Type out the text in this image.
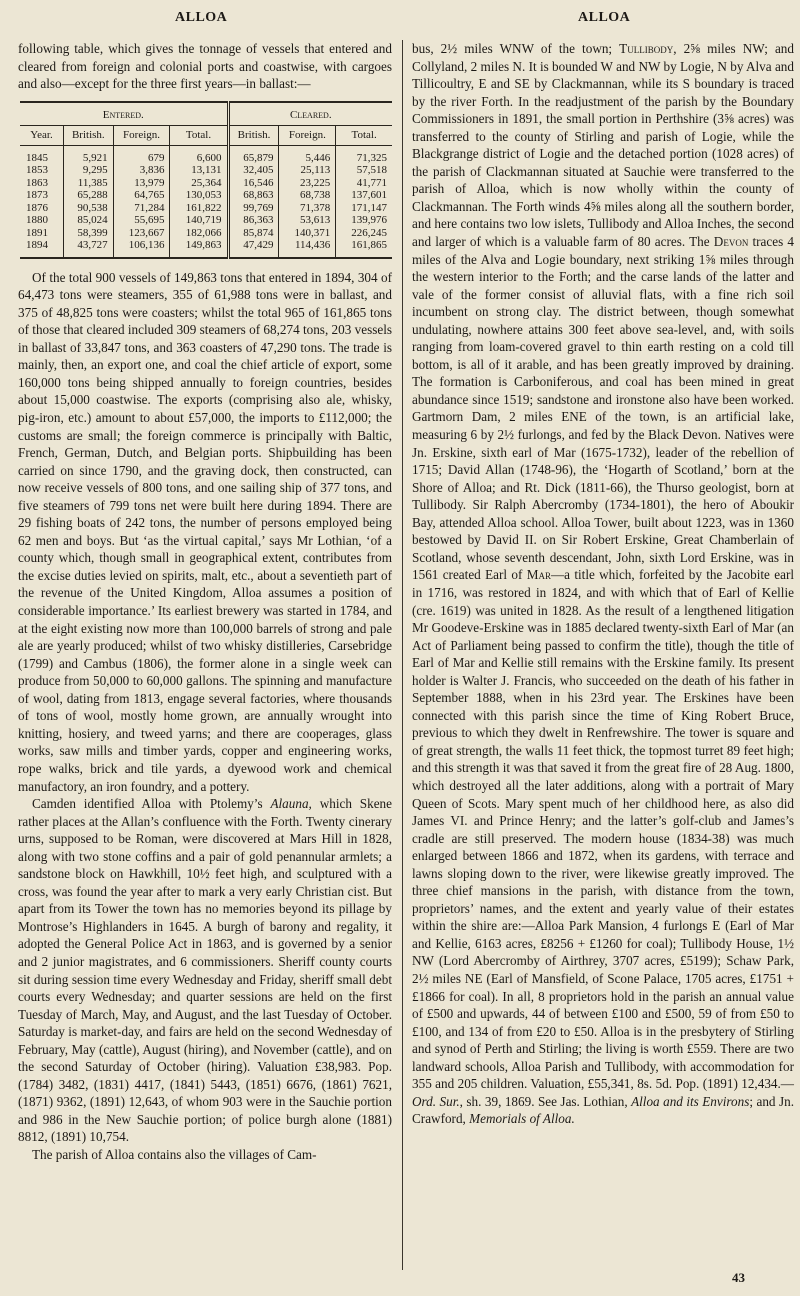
ALLOA	ALLOA

following table, which gives the tonnage of vessels that entered and cleared from foreign and colonial ports and coastwise, with cargoes and also—except for the three first years—in ballast:—

Entered.				Cleared.		
Year.	British.	Foreign.	Total.	British.	Foreign.	Total.
1845	5,921	679	6,600	65,879	5,446	71,325
1853	9,295	3,836	13,131	32,405	25,113	57,518
1863	11,385	13,979	25,364	16,546	23,225	41,771
1873	65,288	64,765	130,053	68,863	68,738	137,601
1876	90,538	71,284	161,822	99,769	71,378	171,147
1880	85,024	55,695	140,719	86,363	53,613	139,976
1891	58,399	123,667	182,066	85,874	140,371	226,245
1894	43,727	106,136	149,863	47,429	114,436	161,865

Of the total 900 vessels of 149,863 tons that entered in 1894, 304 of 64,473 tons were steamers, 355 of 61,988 tons were in ballast, and 375 of 48,825 tons were coasters; whilst the total 965 of 161,865 tons of those that cleared included 309 steamers of 68,274 tons, 203 vessels in ballast of 33,847 tons, and 363 coasters of 47,290 tons. The trade is mainly, then, an export one, and coal the chief article of export, some 160,000 tons being shipped annually to foreign countries, besides about 15,000 coastwise. The exports (comprising also ale, whisky, pig-iron, etc.) amount to about £57,000, the imports to £112,000; the customs are small; the foreign commerce is principally with Baltic, French, German, Dutch, and Belgian ports. Shipbuilding has been carried on since 1790, and the graving dock, then constructed, can now receive vessels of 800 tons, and one sailing ship of 377 tons, and five steamers of 799 tons net were built here during 1894. There are 29 fishing boats of 242 tons, the number of persons employed being 62 men and boys. But ‘as the virtual capital,’ says Mr Lothian, ‘of a county which, though small in geographical extent, contributes from the excise duties levied on spirits, malt, etc., about a seventieth part of the revenue of the United Kingdom, Alloa assumes a position of considerable importance.’ Its earliest brewery was started in 1784, and at the eight existing now more than 100,000 barrels of strong and pale ale are yearly produced; whilst of two whisky distilleries, Carsebridge (1799) and Cambus (1806), the former alone in a single week can produce from 50,000 to 60,000 gallons. The spinning and manufacture of wool, dating from 1813, engage several factories, where thousands of tons of wool, mostly home grown, are annually wrought into knitting, hosiery, and tweed yarns; and there are cooperages, glass works, saw mills and timber yards, copper and engineering works, rope walks, brick and tile yards, a dyewood work and chemical manufactory, an iron foundry, and a pottery.

Camden identified Alloa with Ptolemy’s Alauna, which Skene rather places at the Allan’s confluence with the Forth. Twenty cinerary urns, supposed to be Roman, were discovered at Mars Hill in 1828, along with two stone coffins and a pair of gold penannular armlets; a sandstone block on Hawkhill, 10½ feet high, and sculptured with a cross, was found the year after to mark a very early Christian cist. But apart from its Tower the town has no memories beyond its pillage by Montrose’s Highlanders in 1645. A burgh of barony and regality, it adopted the General Police Act in 1863, and is governed by a senior and 2 junior magistrates, and 6 commissioners. Sheriff county courts sit during session time every Wednesday and Friday, sheriff small debt courts every Wednesday; and quarter sessions are held on the first Tuesday of March, May, and August, and the last Tuesday of October. Saturday is market-day, and fairs are held on the second Wednesday of February, May (cattle), August (hiring), and November (cattle), and on the second Saturday of October (hiring). Valuation £38,983. Pop. (1784) 3482, (1831) 4417, (1841) 5443, (1851) 6676, (1861) 7621, (1871) 9362, (1891) 12,643, of whom 903 were in the Sauchie portion and 986 in the New Sauchie portion; of police burgh alone (1881) 8812, (1891) 10,754.

The parish of Alloa contains also the villages of Cam-

bus, 2½ miles WNW of the town; Tullibody, 2⅝ miles NW; and Collyland, 2 miles N. It is bounded W and NW by Logie, N by Alva and Tillicoultry, E and SE by Clackmannan, while its S boundary is traced by the river Forth. In the readjustment of the parish by the Boundary Commissioners in 1891, the small portion in Perthshire (3⅝ acres) was transferred to the county of Stirling and parish of Logie, while the Blackgrange district of Logie and the detached portion (1028 acres) of the parish of Clackmannan situated at Sauchie were transferred to the parish of Alloa, which is now wholly within the county of Clackmannan. The Forth winds 4⅝ miles along all the southern border, and here contains two low islets, Tullibody and Alloa Inches, the second and larger of which is a valuable farm of 80 acres. The Devon traces 4 miles of the Alva and Logie boundary, next striking 1⅝ miles through the western interior to the Forth; and the carse lands of the latter and vale of the former consist of alluvial flats, with a fine rich soil incumbent on strong clay. The district between, though somewhat undulating, nowhere attains 300 feet above sea-level, and, with soils ranging from loam-covered gravel to thin earth resting on a cold till bottom, is all of it arable, and has been greatly improved by draining. The formation is Carboniferous, and coal has been mined in great abundance since 1519; sandstone and ironstone also have been worked. Gartmorn Dam, 2 miles ENE of the town, is an artificial lake, measuring 6 by 2½ furlongs, and fed by the Black Devon. Natives were Jn. Erskine, sixth earl of Mar (1675-1732), leader of the rebellion of 1715; David Allan (1748-96), the ‘Hogarth of Scotland,’ born at the Shore of Alloa; and Rt. Dick (1811-66), the Thurso geologist, born at Tullibody. Sir Ralph Abercromby (1734-1801), the hero of Aboukir Bay, attended Alloa school. Alloa Tower, built about 1223, was in 1360 bestowed by David II. on Sir Robert Erskine, Great Chamberlain of Scotland, whose seventh descendant, John, sixth Lord Erskine, was in 1561 created Earl of Mar—a title which, forfeited by the Jacobite earl in 1716, was restored in 1824, and with which that of Earl of Kellie (cre. 1619) was united in 1828. As the result of a lengthened litigation Mr Goodeve-Erskine was in 1885 declared twenty-sixth Earl of Mar (an Act of Parliament being passed to confirm the title), though the title of Earl of Mar and Kellie still remains with the Erskine family. Its present holder is Walter J. Francis, who succeeded on the death of his father in September 1888, when in his 23rd year. The Erskines have been connected with this parish since the time of King Robert Bruce, previous to which they dwelt in Renfrewshire. The tower is square and of great strength, the walls 11 feet thick, the topmost turret 89 feet high; and this strength it was that saved it from the great fire of 28 Aug. 1800, which destroyed all the later additions, along with a portrait of Mary Queen of Scots. Mary spent much of her childhood here, as also did James VI. and Prince Henry; and the latter’s golf-club and James’s cradle are still preserved. The modern house (1834-38) was much enlarged between 1866 and 1872, when its gardens, with terrace and lawns sloping down to the river, were likewise greatly improved. The three chief mansions in the parish, with distance from the town, proprietors’ names, and the extent and yearly value of their estates within the shire are:—Alloa Park Mansion, 4 furlongs E (Earl of Mar and Kellie, 6163 acres, £8256 + £1260 for coal); Tullibody House, 1½ NW (Lord Abercromby of Airthrey, 3707 acres, £5199); Schaw Park, 2½ miles NE (Earl of Mansfield, of Scone Palace, 1705 acres, £1751 + £1866 for coal). In all, 8 proprietors hold in the parish an annual value of £500 and upwards, 44 of between £100 and £500, 59 of from £50 to £100, and 134 of from £20 to £50. Alloa is in the presbytery of Stirling and synod of Perth and Stirling; the living is worth £559. There are two landward schools, Alloa Parish and Tullibody, with accommodation for 355 and 205 children. Valuation, £55,341, 8s. 5d. Pop. (1891) 12,434.—Ord. Sur., sh. 39, 1869. See Jas. Lothian, Alloa and its Environs; and Jn. Crawford, Memorials of Alloa.

43
